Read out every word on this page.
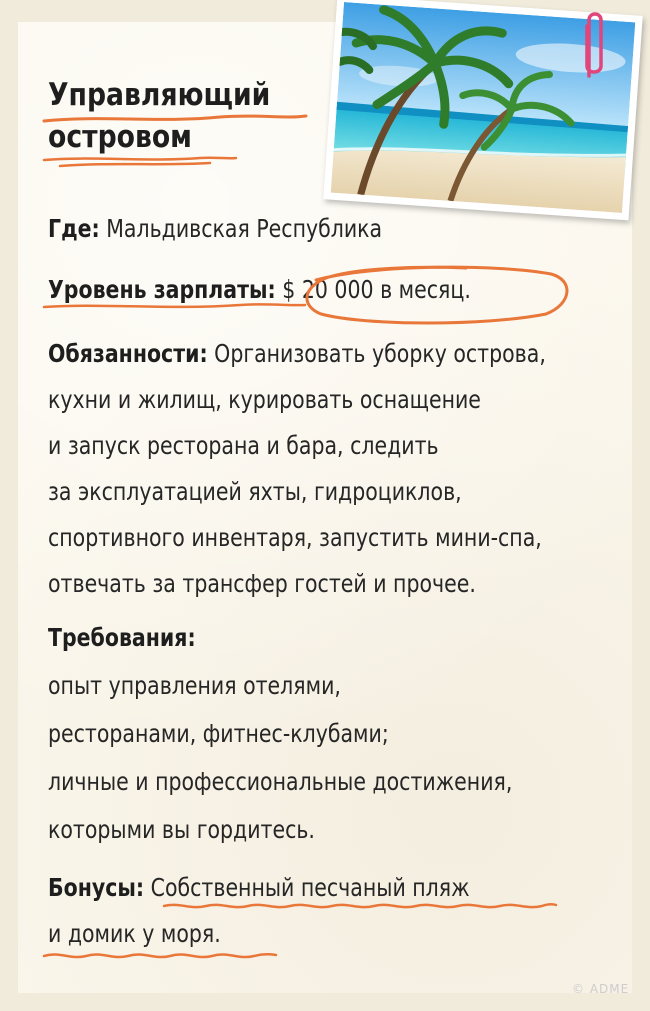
Управляющий
островом

Где: Мальдивская Республика

Уровень зарплаты: $ 20 000 в месяц.

Обязанности: Организовать уборку острова,

кухни и жилищ, курировать оснащение

и запуск ресторана и бара, следить

за эксплуатацией яхты, гидроциклов,

спортивного инвентаря, запустить мини-спа,

отвечать за трансфер гостей и прочее.

Требования:

опыт управления отелями,

ресторанами, фитнес-клубами;

личные и профессиональные достижения,

которыми вы гордитесь.

Бонусы: Собственный песчаный пляж

и домик у моря.

© ADME
